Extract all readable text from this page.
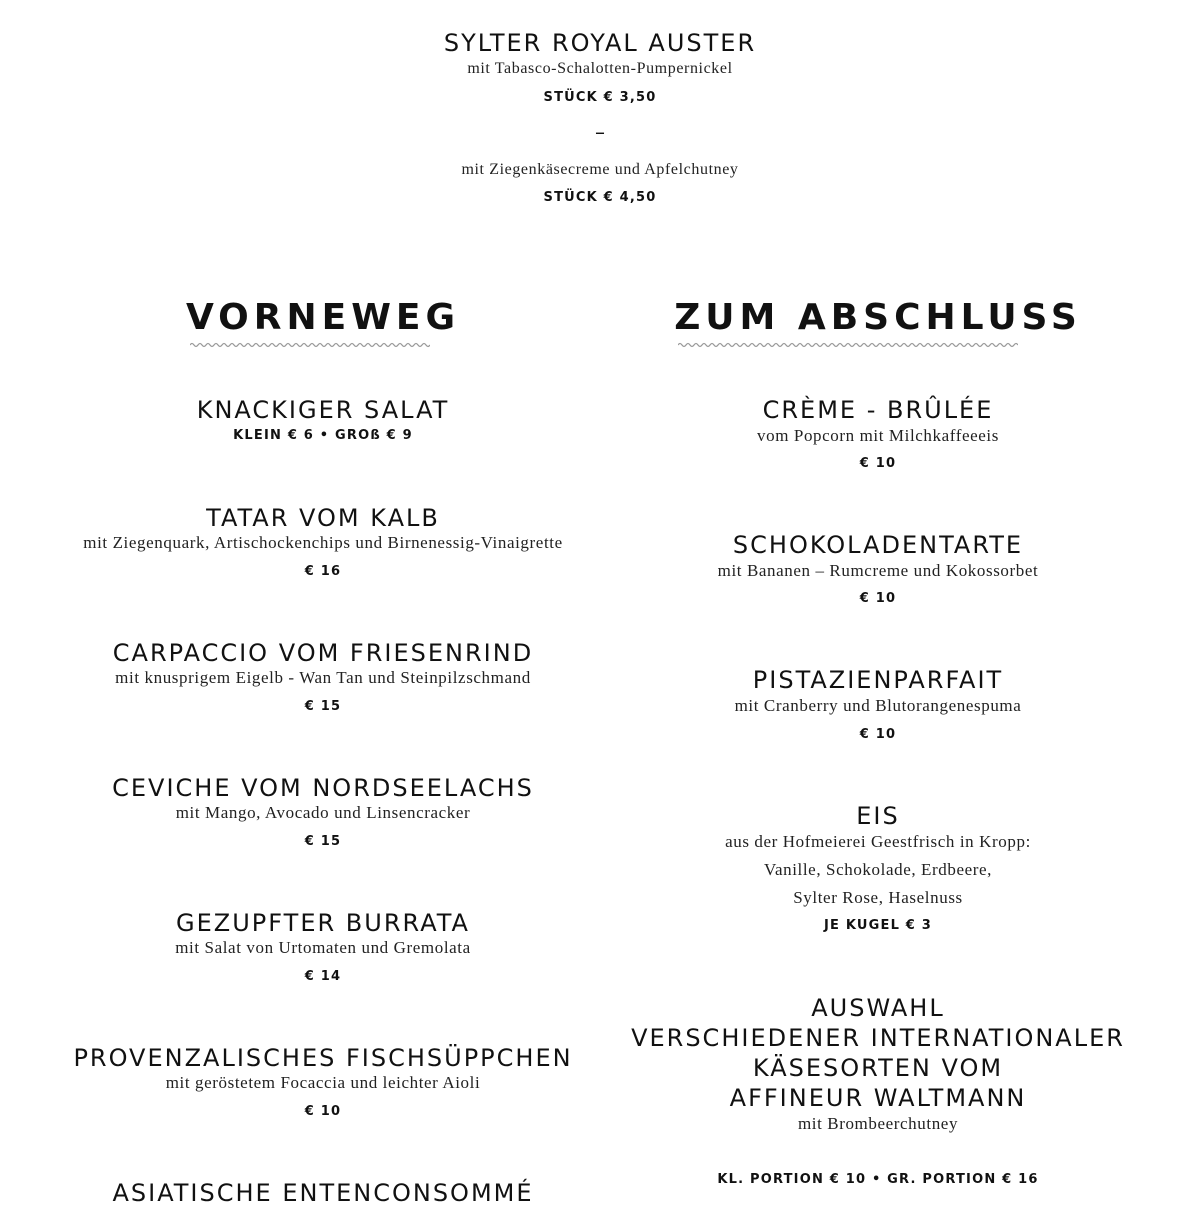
SYLTER ROYAL AUSTER
mit Tabasco-Schalotten-Pumpernickel
STÜCK € 3,50
–
mit Ziegenkäsecreme und Apfelchutney
STÜCK € 4,50
VORNEWEG
KNACKIGER SALAT
KLEIN € 6 • GROß € 9
TATAR VOM KALB
mit Ziegenquark, Artischockenchips und Birnenessig-Vinaigrette
€ 16
CARPACCIO VOM FRIESENRIND
mit knusprigem Eigelb - Wan Tan und Steinpilzschmand
€ 15
CEVICHE VOM NORDSEELACHS
mit Mango, Avocado und Linsencracker
€ 15
GEZUPFTER BURRATA
mit Salat von Urtomaten und Gremolata
€ 14
PROVENZALISCHES FISCHSÜPPCHEN
mit geröstetem Focaccia und leichter Aioli
€ 10
ASIATISCHE ENTENCONSOMMÉ
ZUM ABSCHLUSS
CRÈME - BRÛLÉE
vom Popcorn mit Milchkaffeeeis
€ 10
SCHOKOLADENTARTE
mit Bananen – Rumcreme und Kokossorbet
€ 10
PISTAZIENPARFAIT
mit Cranberry und Blutorangenespuma
€ 10
EIS
aus der Hofmeierei Geestfrisch in Kropp:
Vanille, Schokolade, Erdbeere,
Sylter Rose, Haselnuss
JE KUGEL € 3
AUSWAHL
VERSCHIEDENER INTERNATIONALER
KÄSESORTEN VOM
AFFINEUR WALTMANN
mit Brombeerchutney
KL. PORTION € 10 • GR. PORTION € 16
